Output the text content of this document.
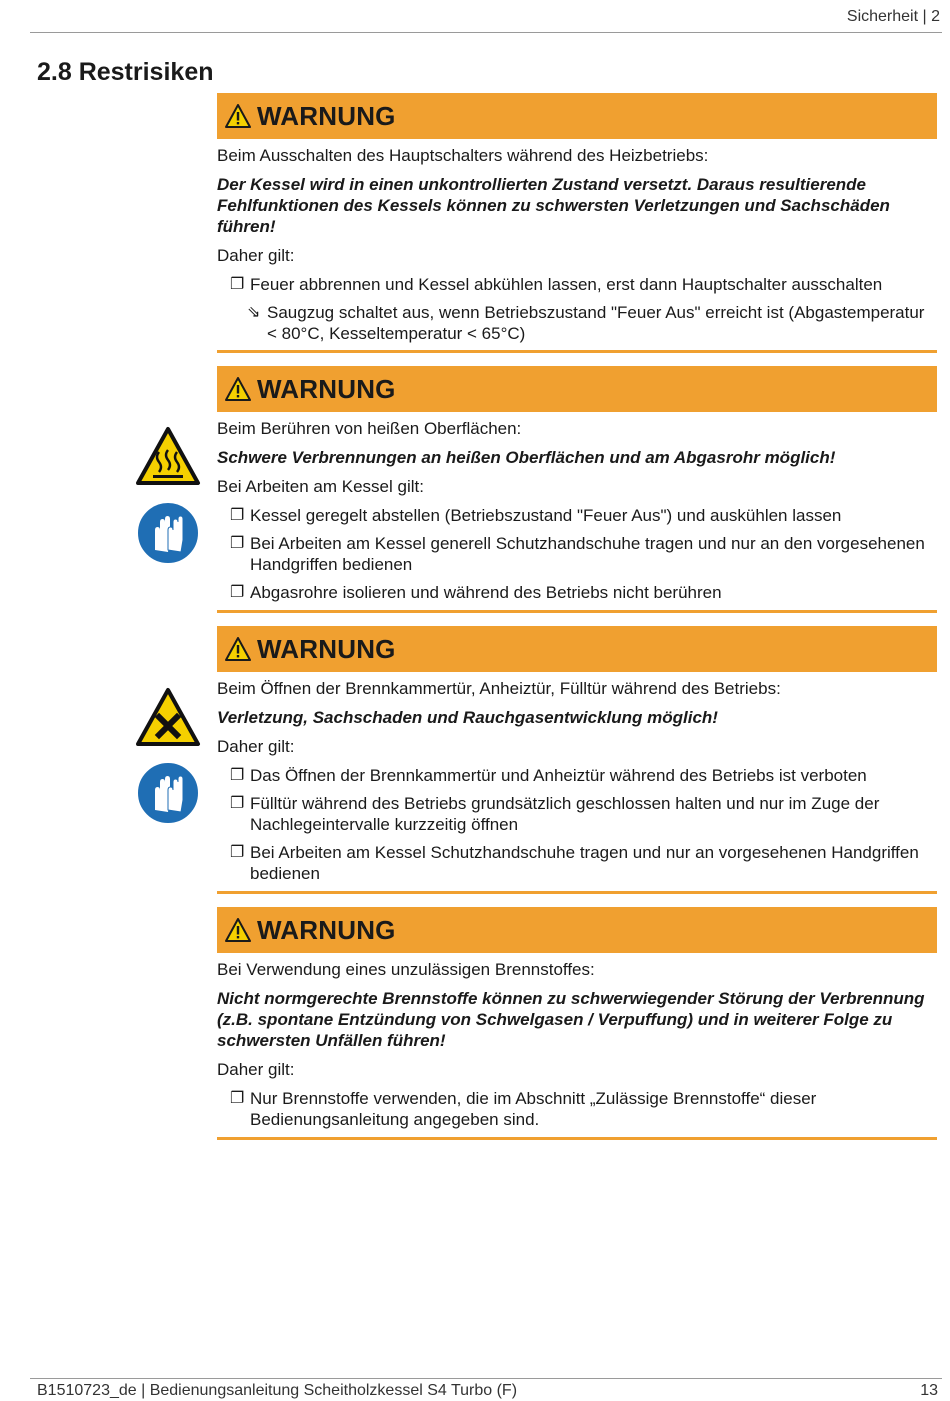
Sicherheit | 2
2.8 Restrisiken
WARNUNG

Beim Ausschalten des Hauptschalters während des Heizbetriebs:

Der Kessel wird in einen unkontrollierten Zustand versetzt. Daraus resultierende Fehlfunktionen des Kessels können zu schwersten Verletzungen und Sachschäden führen!

Daher gilt:

❐ Feuer abbrennen und Kessel abkühlen lassen, erst dann Hauptschalter ausschalten
⇘ Saugzug schaltet aus, wenn Betriebszustand "Feuer Aus" erreicht ist (Abgastemperatur < 80°C, Kesseltemperatur < 65°C)
WARNUNG

Beim Berühren von heißen Oberflächen:

Schwere Verbrennungen an heißen Oberflächen und am Abgasrohr möglich!

Bei Arbeiten am Kessel gilt:

❐ Kessel geregelt abstellen (Betriebszustand "Feuer Aus") und auskühlen lassen
❐ Bei Arbeiten am Kessel generell Schutzhandschuhe tragen und nur an den vorgesehenen Handgriffen bedienen
❐ Abgasrohre isolieren und während des Betriebs nicht berühren
WARNUNG

Beim Öffnen der Brennkammertür, Anheiztür, Fülltür während des Betriebs:

Verletzung, Sachschaden und Rauchgasentwicklung möglich!

Daher gilt:

❐ Das Öffnen der Brennkammertür und Anheiztür während des Betriebs ist verboten
❐ Fülltür während des Betriebs grundsätzlich geschlossen halten und nur im Zuge der Nachlegeintervalle kurzzeitig öffnen
❐ Bei Arbeiten am Kessel Schutzhandschuhe tragen und nur an vorgesehenen Handgriffen bedienen
WARNUNG

Bei Verwendung eines unzulässigen Brennstoffes:

Nicht normgerechte Brennstoffe können zu schwerwiegender Störung der Verbrennung (z.B. spontane Entzündung von Schwelgasen / Verpuffung) und in weiterer Folge zu schwersten Unfällen führen!

Daher gilt:

❐ Nur Brennstoffe verwenden, die im Abschnitt „Zulässige Brennstoffe“ dieser Bedienungsanleitung angegeben sind.
B1510723_de | Bedienungsanleitung Scheitholzkessel S4 Turbo (F)	13
